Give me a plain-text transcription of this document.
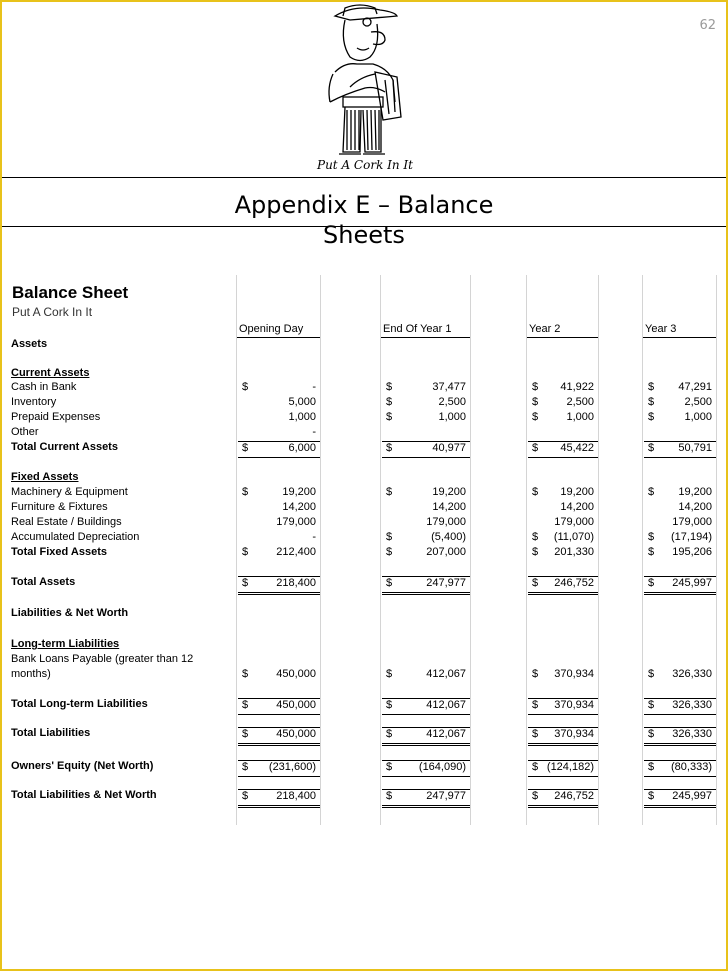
62
Put A Cork In It
Appendix E – Balance
Sheets
Balance Sheet
Put A Cork In It
Opening Day	End Of Year 1	Year 2	Year 3
Assets
Current Assets
Cash in Bank	$	-	$	37,477	$ 41,922	$ 47,291
Inventory	5,000	$	2,500	$	2,500	$	2,500
Prepaid Expenses	1,000	$	1,000	$	1,000	$	1,000
Other	-
Total Current Assets	$	6,000	$	40,977	$ 45,422	$ 50,791
Fixed Assets
Machinery & Equipment	$	19,200	$	19,200	$ 19,200	$ 19,200
Furniture & Fixtures	14,200	14,200	14,200	14,200
Real Estate / Buildings	179,000	179,000	179,000	179,000
Accumulated Depreciation	-	$	(5,400)	$ (11,070)	$ (17,194)
Total Fixed Assets	$	212,400	$	207,000	$ 201,330	$ 195,206
Total Assets	$	218,400	$	247,977	$ 246,752	$ 245,997
Liabilities & Net Worth
Long-term Liabilities
Bank Loans Payable (greater than 12
months)	$	450,000	$	412,067	$ 370,934	$ 326,330
Total Long-term Liabilities	$	450,000	$	412,067	$ 370,934	$ 326,330
Total Liabilities	$	450,000	$	412,067	$ 370,934	$ 326,330
Owners' Equity (Net Worth)	$ (231,600)	$ (164,090)	$ (124,182)	$ (80,333)
Total Liabilities & Net Worth	$	218,400	$	247,977	$ 246,752	$ 245,997
